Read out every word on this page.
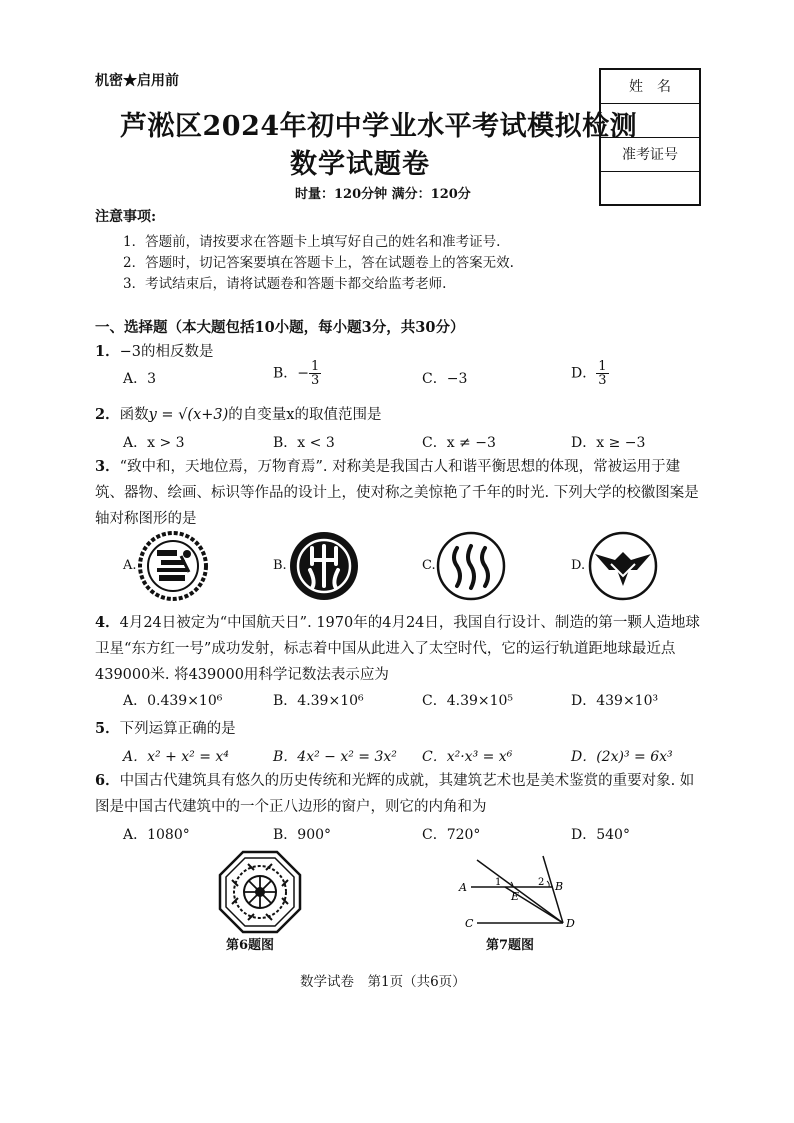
机密★启用前
芦淞区2024年初中学业水平考试模拟检测
数学试题卷
时量：120分钟 满分：120分
姓　名
准考证号
注意事项:
1．答题前，请按要求在答题卡上填写好自己的姓名和准考证号.
2．答题时，切记答案要填在答题卡上，答在试题卷上的答案无效.
3．考试结束后，请将试题卷和答题卡都交给监考老师.
一、选择题（本大题包括10小题，每小题3分，共30分）
1．−3的相反数是
A．3	B．− $\frac{1}{3}$	C．−3	D． $\frac{1}{3}$
2．函数y = √(x+3)的自变量x的取值范围是
A．x > 3	B．x < 3	C．x ≠ −3	D．x ≥ −3
3．“致中和，天地位焉，万物育焉”. 对称美是我国古人和谐平衡思想的体现，常被运用于建筑、器物、绘画、标识等作品的设计上，使对称之美惊艳了千年的时光. 下列大学的校徽图案是轴对称图形的是
A.	B.	C.	D.
4．4月24日被定为“中国航天日”. 1970年的4月24日，我国自行设计、制造的第一颗人造地球卫星“东方红一号”成功发射，标志着中国从此进入了太空时代，它的运行轨道距地球最近点439000米. 将439000用科学记数法表示应为
A．0.439×10⁶	B．4.39×10⁶	C．4.39×10⁵	D．439×10³
5．下列运算正确的是
A．x² + x² = x⁴	B．4x² − x² = 3x² C．x²·x³ = x⁶	D．(2x)³ = 6x³
6．中国古代建筑具有悠久的历史传统和光辉的成就，其建筑艺术也是美术鉴赏的重要对象. 如图是中国古代建筑中的一个正八边形的窗户，则它的内角和为
A．1080°	B．900°	C．720°	D．540°
第6题图
A	B
C	D
E
1	2
第7题图
数学试卷　第1页（共6页）
